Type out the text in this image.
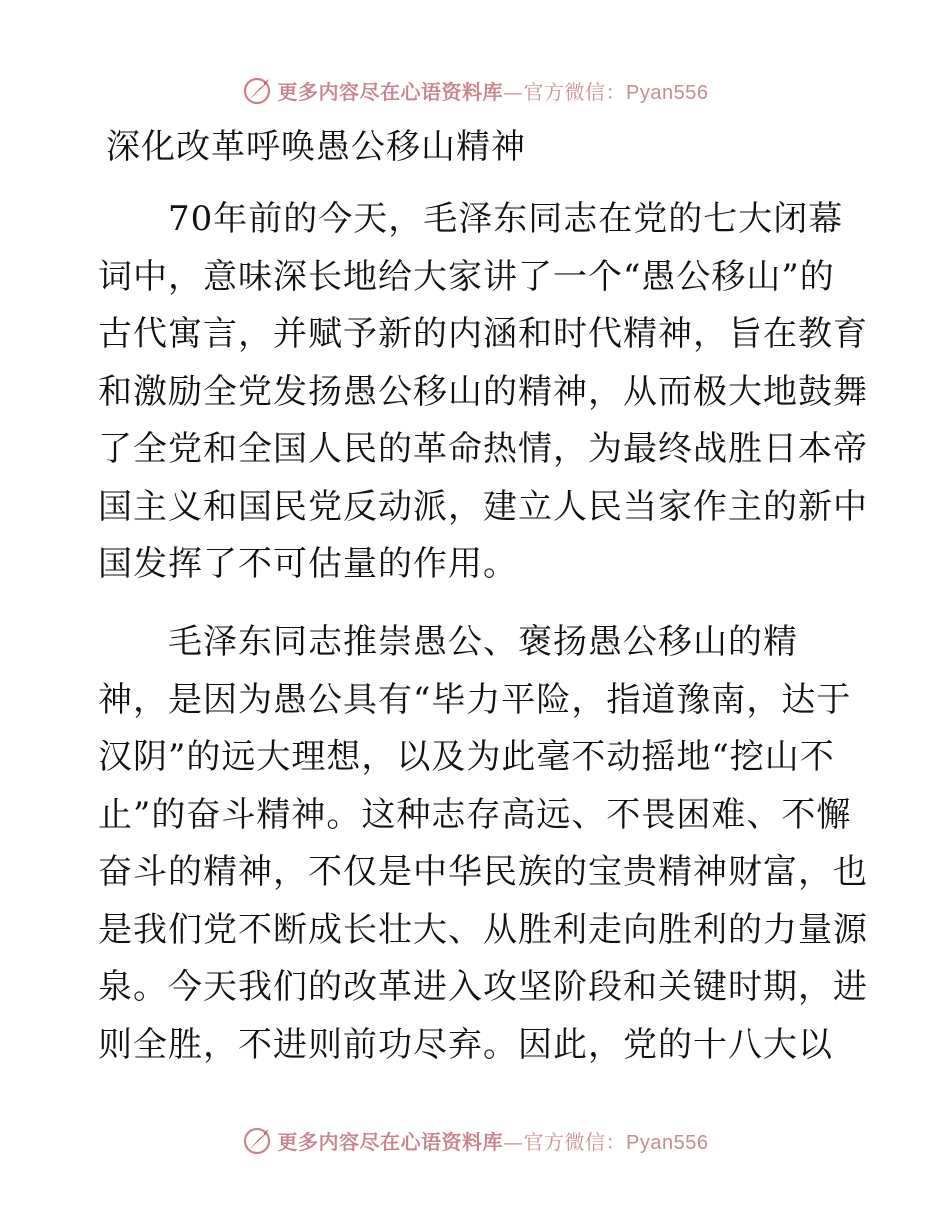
更多内容尽在心语资料库—官方微信：Pyan556
深化改革呼唤愚公移山精神
　　70年前的今天，毛泽东同志在党的七大闭幕
词中，意味深长地给大家讲了一个“愚公移山”的
古代寓言，并赋予新的内涵和时代精神，旨在教育
和激励全党发扬愚公移山的精神，从而极大地鼓舞
了全党和全国人民的革命热情，为最终战胜日本帝
国主义和国民党反动派，建立人民当家作主的新中
国发挥了不可估量的作用。
　　毛泽东同志推崇愚公、褒扬愚公移山的精
神，是因为愚公具有“毕力平险，指道豫南，达于
汉阴”的远大理想，以及为此毫不动摇地“挖山不
止”的奋斗精神。这种志存高远、不畏困难、不懈
奋斗的精神，不仅是中华民族的宝贵精神财富，也
是我们党不断成长壮大、从胜利走向胜利的力量源
泉。今天我们的改革进入攻坚阶段和关键时期，进
则全胜，不进则前功尽弃。因此，党的十八大以
更多内容尽在心语资料库—官方微信：Pyan556
